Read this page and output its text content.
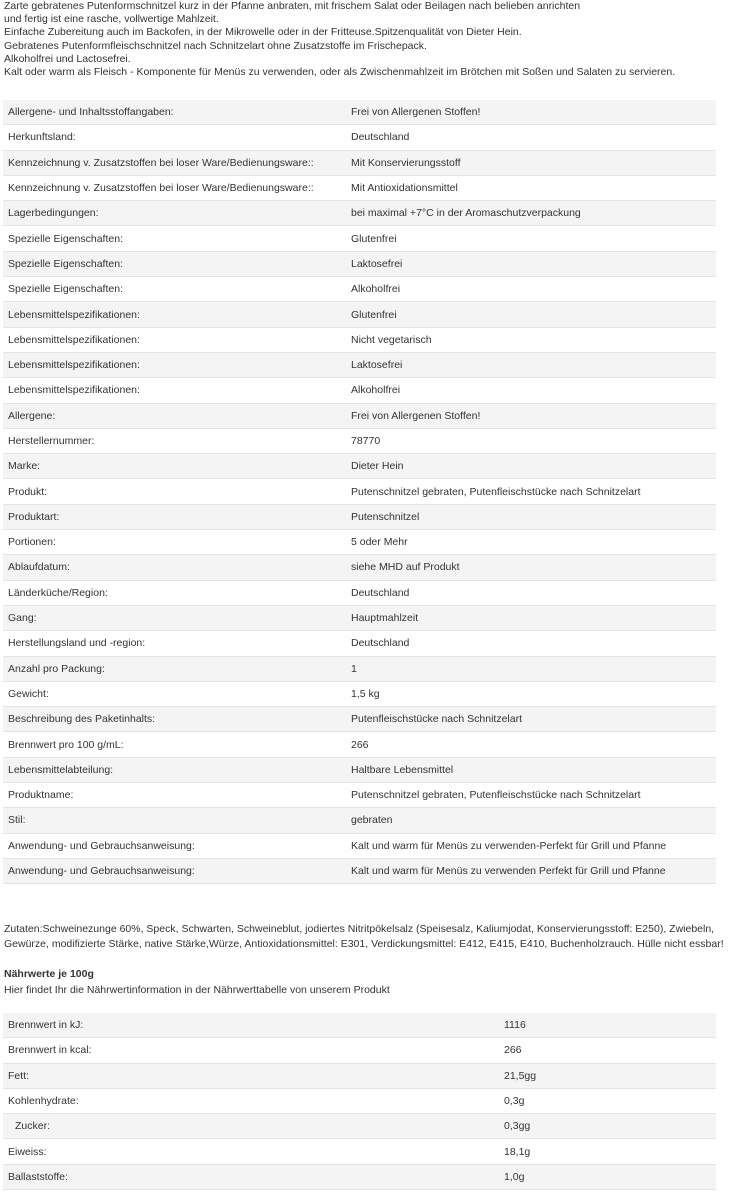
Zarte gebratenes Putenformschnitzel kurz in der Pfanne anbraten, mit frischem Salat oder Beilagen nach belieben anrichten
und fertig ist eine rasche, vollwertige Mahlzeit.
Einfache Zubereitung auch im Backofen, in der Mikrowelle oder in der Fritteuse.Spitzenqualität von Dieter Hein.
Gebratenes Putenformfleischschnitzel nach Schnitzelart ohne Zusatzstoffe im Frischepack.
Alkoholfrei und Lactosefrei.
Kalt oder warm als Fleisch - Komponente für Menüs zu verwenden, oder als Zwischenmahlzeit im Brötchen mit Soßen und Salaten zu servieren.
Allergene- und Inhaltsstoffangaben:	Frei von Allergenen Stoffen!
Herkunftsland:	Deutschland
Kennzeichnung v. Zusatzstoffen bei loser Ware/Bedienungsware::	Mit Konservierungsstoff
Kennzeichnung v. Zusatzstoffen bei loser Ware/Bedienungsware::	Mit Antioxidationsmittel
Lagerbedingungen:	bei maximal +7°C in der Aromaschutzverpackung
Spezielle Eigenschaften:	Glutenfrei
Spezielle Eigenschaften:	Laktosefrei
Spezielle Eigenschaften:	Alkoholfrei
Lebensmittelspezifikationen:	Glutenfrei
Lebensmittelspezifikationen:	Nicht vegetarisch
Lebensmittelspezifikationen:	Laktosefrei
Lebensmittelspezifikationen:	Alkoholfrei
Allergene:	Frei von Allergenen Stoffen!
Herstellernummer:	78770
Marke:	Dieter Hein
Produkt:	Putenschnitzel gebraten, Putenfleischstücke nach Schnitzelart
Produktart:	Putenschnitzel
Portionen:	5 oder Mehr
Ablaufdatum:	siehe MHD auf Produkt
Länderküche/Region:	Deutschland
Gang:	Hauptmahlzeit
Herstellungsland und -region:	Deutschland
Anzahl pro Packung:	1
Gewicht:	1,5 kg
Beschreibung des Paketinhalts:	Putenfleischstücke nach Schnitzelart
Brennwert pro 100 g/mL:	266
Lebensmittelabteilung:	Haltbare Lebensmittel
Produktname:	Putenschnitzel gebraten, Putenfleischstücke nach Schnitzelart
Stil:	gebraten
Anwendung- und Gebrauchsanweisung:	Kalt und warm für Menüs zu verwenden-Perfekt für Grill und Pfanne
Anwendung- und Gebrauchsanweisung:	Kalt und warm für Menüs zu verwenden Perfekt für Grill und Pfanne
Zutaten:Schweinezunge 60%, Speck, Schwarten, Schweineblut, jodiertes Nitritpökelsalz (Speisesalz, Kaliumjodat, Konservierungsstoff: E250), Zwiebeln,
Gewürze, modifizierte Stärke, native Stärke,Würze, Antioxidationsmittel: E301, Verdickungsmittel: E412, E415, E410, Buchenholzrauch. Hülle nicht essbar!
Nährwerte je 100g
Hier findet Ihr die Nährwertinformation in der Nährwerttabelle von unserem Produkt
Brennwert in kJ:	1116
Brennwert in kcal:	266
Fett:	21,5gg
Kohlenhydrate:	0,3g
Zucker:	0,3gg
Eiweiss:	18,1g
Ballaststoffe:	1,0g
